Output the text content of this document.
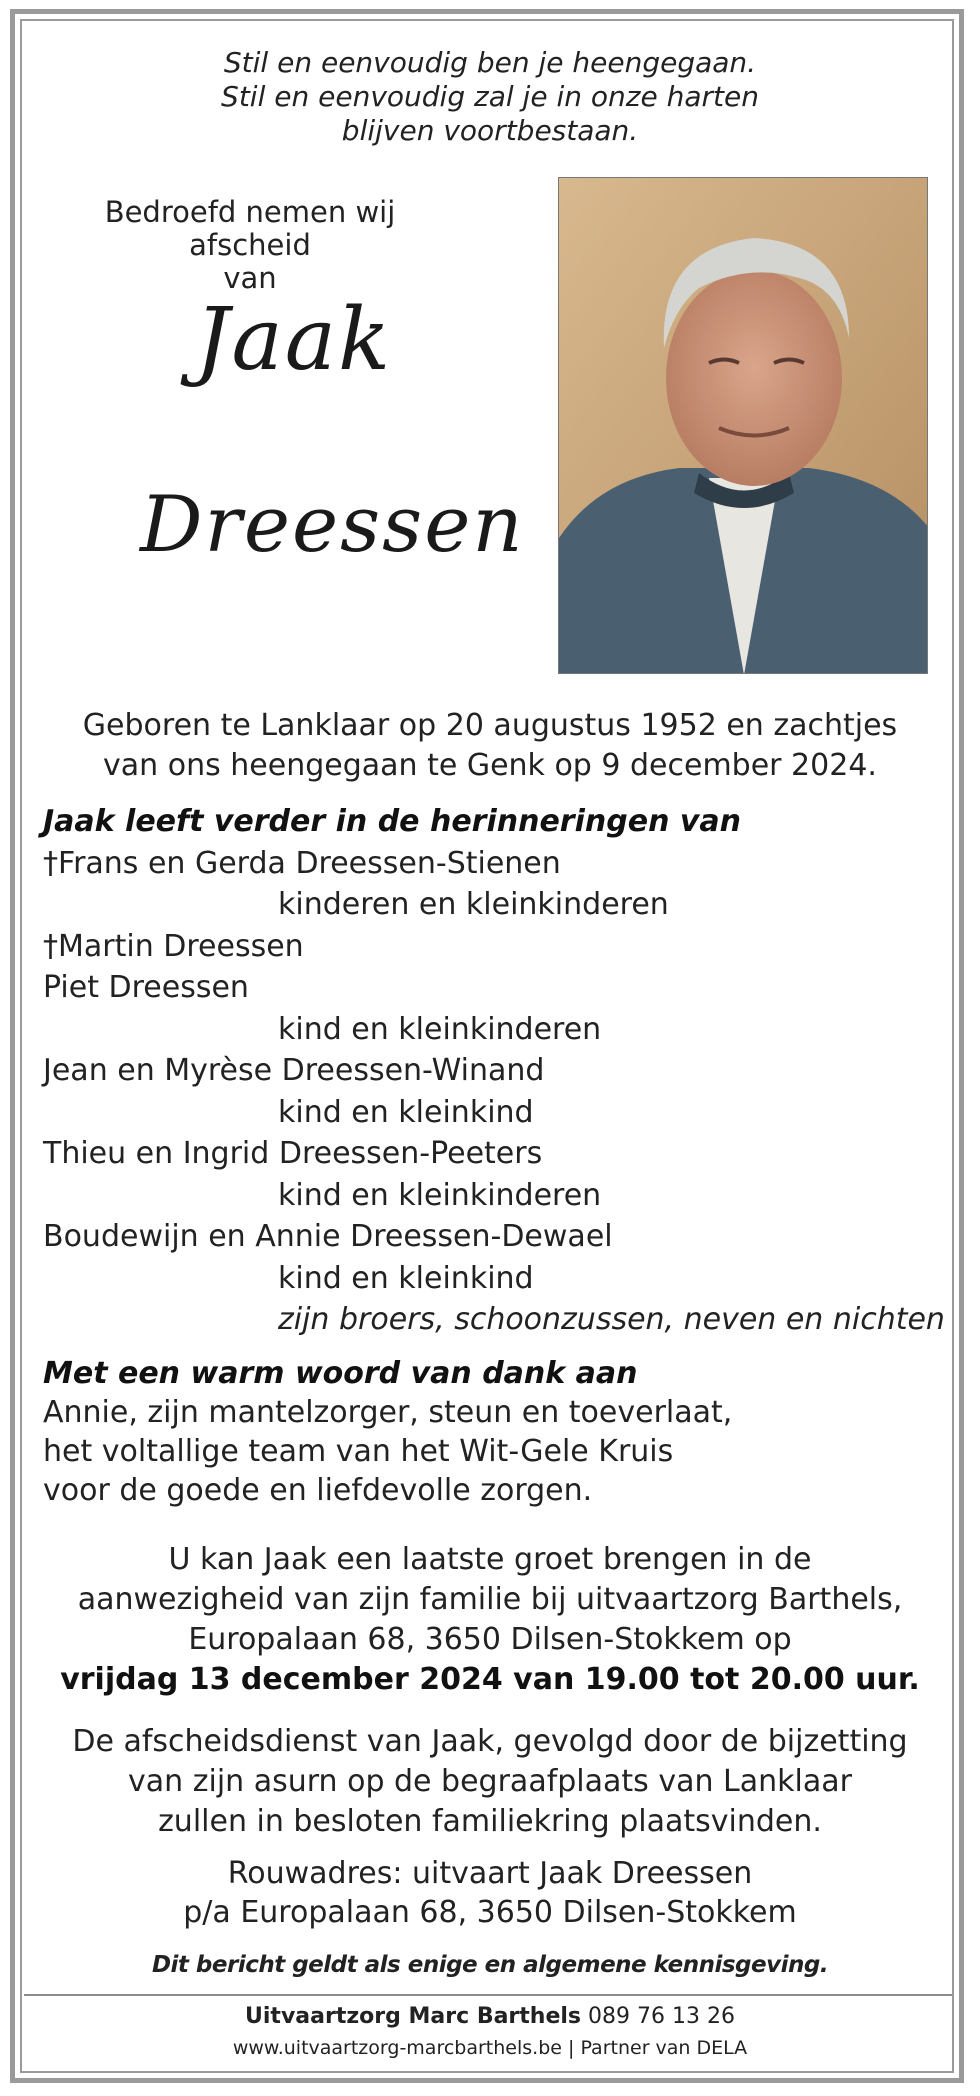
Stil en eenvoudig ben je heengegaan.
Stil en eenvoudig zal je in onze harten
blijven voortbestaan.
Bedroefd nemen wij afscheid
van
Jaak
Dreessen
Geboren te Lanklaar op 20 augustus 1952 en zachtjes
van ons heengegaan te Genk op 9 december 2024.
Jaak leeft verder in de herinneringen van
†Frans en Gerda Dreessen-Stienen
kinderen en kleinkinderen
†Martin Dreessen
Piet Dreessen
kind en kleinkinderen
Jean en Myrèse Dreessen-Winand
kind en kleinkind
Thieu en Ingrid Dreessen-Peeters
kind en kleinkinderen
Boudewijn en Annie Dreessen-Dewael
kind en kleinkind
zijn broers, schoonzussen, neven en nichten
Met een warm woord van dank aan
Annie, zijn mantelzorger, steun en toeverlaat,
het voltallige team van het Wit-Gele Kruis
voor de goede en liefdevolle zorgen.
U kan Jaak een laatste groet brengen in de
aanwezigheid van zijn familie bij uitvaartzorg Barthels,
Europalaan 68, 3650 Dilsen-Stokkem op
vrijdag 13 december 2024 van 19.00 tot 20.00 uur.
De afscheidsdienst van Jaak, gevolgd door de bijzetting
van zijn asurn op de begraafplaats van Lanklaar
zullen in besloten familiekring plaatsvinden.
Rouwadres: uitvaart Jaak Dreessen
p/a Europalaan 68, 3650 Dilsen-Stokkem
Dit bericht geldt als enige en algemene kennisgeving.
Uitvaartzorg Marc Barthels 089 76 13 26
www.uitvaartzorg-marcbarthels.be | Partner van DELA
